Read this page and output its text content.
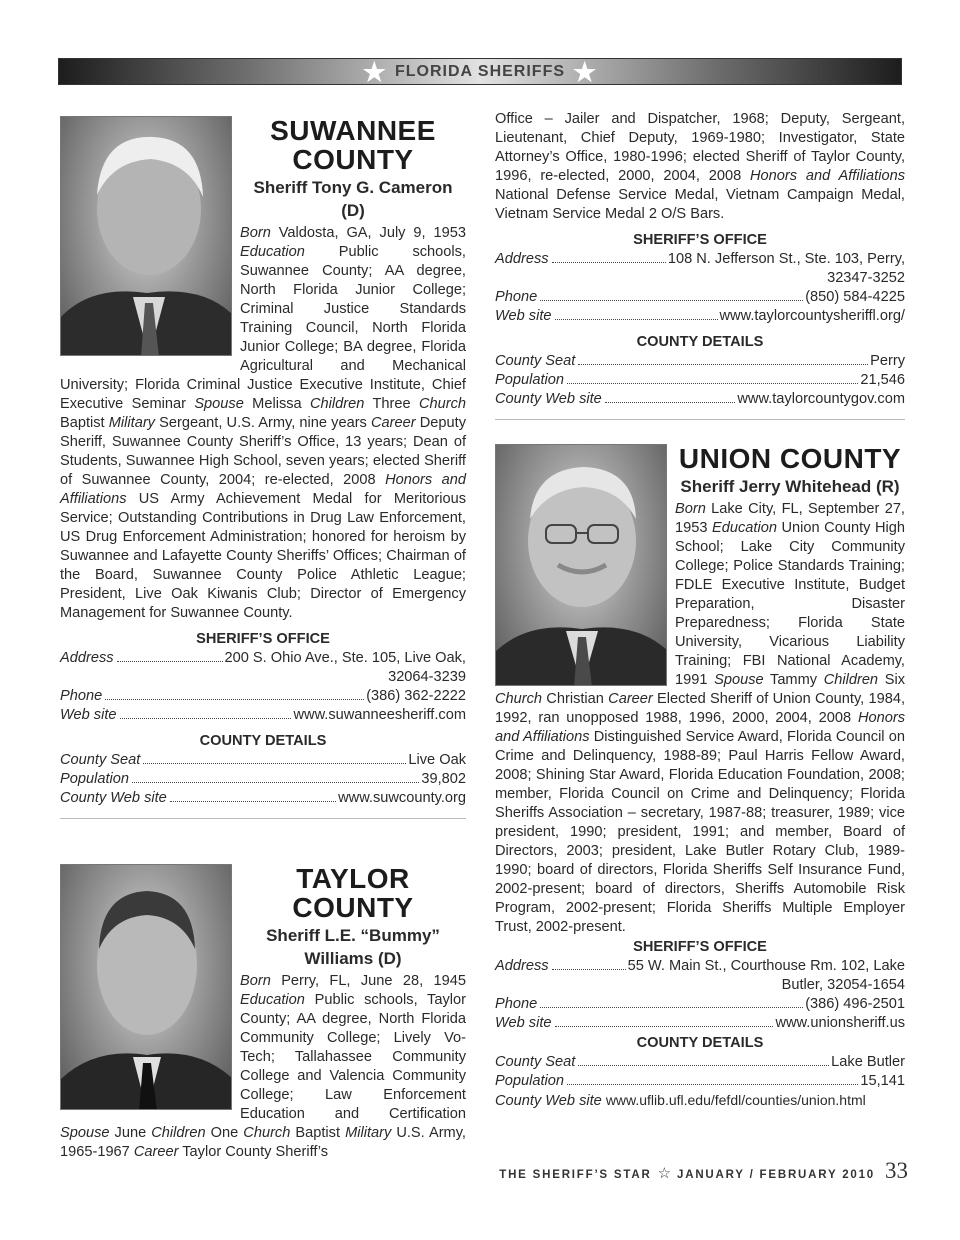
★ FLORIDA SHERIFFS ★
SUWANNEE COUNTY
Sheriff Tony G. Cameron (D)
Born Valdosta, GA, July 9, 1953 Education Public schools, Suwannee County; AA degree, North Florida Junior College; Criminal Justice Standards Training Council, North Florida Junior College; BA degree, Florida Agricultural and Mechanical University; Florida Criminal Justice Executive Institute, Chief Executive Seminar Spouse Melissa Children Three Church Baptist Military Sergeant, U.S. Army, nine years Career Deputy Sheriff, Suwannee County Sheriff’s Office, 13 years; Dean of Students, Suwannee High School, seven years; elected Sheriff of Suwannee County, 2004; re-elected, 2008 Honors and Affiliations US Army Achievement Medal for Meritorious Service; Outstanding Contributions in Drug Law Enforcement, US Drug Enforcement Administration; honored for heroism by Suwannee and Lafayette County Sheriffs’ Offices; Chairman of the Board, Suwannee County Police Athletic League; President, Live Oak Kiwanis Club; Director of Emergency Management for Suwannee County.
SHERIFF’S OFFICE
Address	200 S. Ohio Ave., Ste. 105, Live Oak,
32064-3239
Phone	(386) 362-2222
Web site	www.suwanneesheriff.com
COUNTY DETAILS
County Seat	Live Oak
Population	39,802
County Web site	www.suwcounty.org
TAYLOR COUNTY
Sheriff L.E. “Bummy” Williams (D)
Born Perry, FL, June 28, 1945 Education Public schools, Taylor County; AA degree, North Florida Community College; Lively Vo-Tech; Tallahassee Community College and Valencia Community College; Law Enforcement Education and Certification Spouse June Children One Church Baptist Military U.S. Army, 1965-1967 Career Taylor County Sheriff’s
Office – Jailer and Dispatcher, 1968; Deputy, Sergeant, Lieutenant, Chief Deputy, 1969-1980; Investigator, State Attorney’s Office, 1980-1996; elected Sheriff of Taylor County, 1996, re-elected, 2000, 2004, 2008 Honors and Affiliations National Defense Service Medal, Vietnam Campaign Medal, Vietnam Service Medal 2 O/S Bars.
SHERIFF’S OFFICE
Address	108 N. Jefferson St., Ste. 103, Perry,
32347-3252
Phone	(850) 584-4225
Web site	www.taylorcountysheriffl.org/
COUNTY DETAILS
County Seat	Perry
Population	21,546
County Web site	www.taylorcountygov.com
UNION COUNTY
Sheriff Jerry Whitehead (R)
Born Lake City, FL, September 27, 1953 Education Union County High School; Lake City Community College; Police Standards Training; FDLE Executive Institute, Budget Preparation, Disaster Preparedness; Florida State University, Vicarious Liability Training; FBI National Academy, 1991 Spouse Tammy Children Six Church Christian Career Elected Sheriff of Union County, 1984, 1992, ran unopposed 1988, 1996, 2000, 2004, 2008 Honors and Affiliations Distinguished Service Award, Florida Council on Crime and Delinquency, 1988-89; Paul Harris Fellow Award, 2008; Shining Star Award, Florida Education Foundation, 2008; member, Florida Council on Crime and Delinquency; Florida Sheriffs Association – secretary, 1987-88; treasurer, 1989; vice president, 1990; president, 1991; and member, Board of Directors, 2003; president, Lake Butler Rotary Club, 1989-1990; board of directors, Florida Sheriffs Self Insurance Fund, 2002-present; board of directors, Sheriffs Automobile Risk Program, 2002-present; Florida Sheriffs Multiple Employer Trust, 2002-present.
SHERIFF’S OFFICE
Address	55 W. Main St., Courthouse Rm. 102, Lake
Butler, 32054-1654
Phone	(386) 496-2501
Web site	www.unionsheriff.us
COUNTY DETAILS
County Seat	Lake Butler
Population	15,141
County Web site www.uflib.ufl.edu/fefdl/counties/union.html
THE SHERIFF’S STAR ☆ JANUARY / FEBRUARY 2010 33
